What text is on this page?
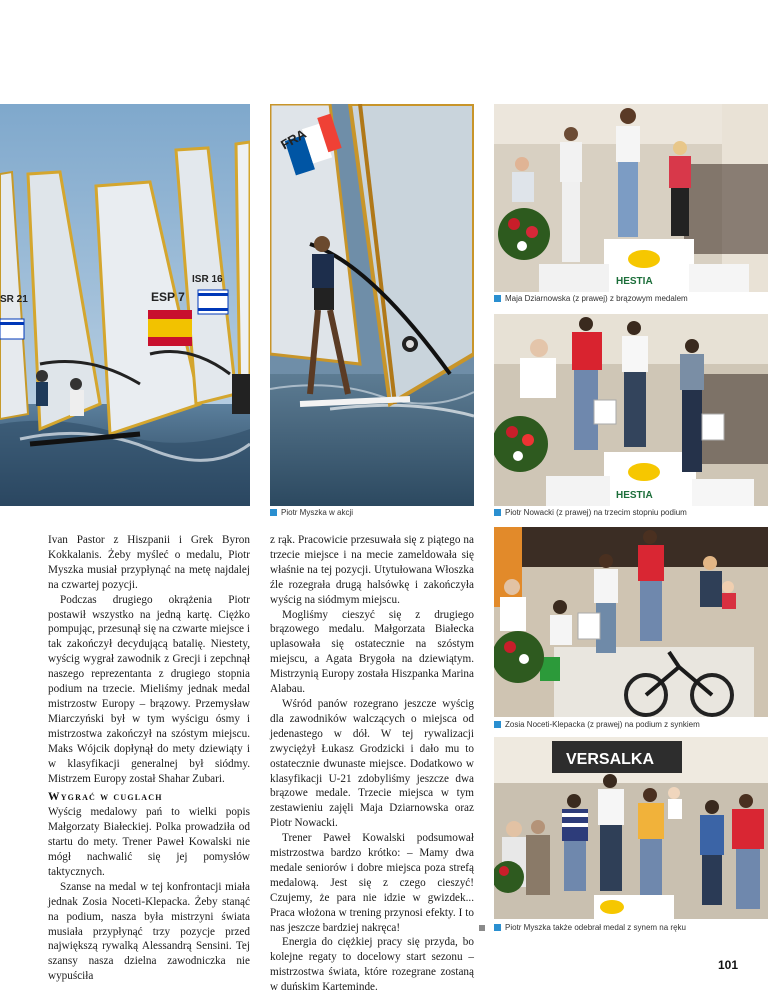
ESP 7
ISR 16
SR 21
FRA
Piotr Myszka w akcji
HESTIA
Maja Dziarnowska (z prawej) z brązowym medalem
HESTIA
Piotr Nowacki (z prawej) na trzecim stopniu podium
Zosia Noceti-Klepacka (z prawej) na podium z synkiem
VERSALKA
Piotr Myszka także odebrał medal z synem na ręku

Ivan Pastor z Hiszpanii i Grek Byron Kokkalanis. Żeby myśleć o medalu, Piotr Myszka musiał przypłynąć na metę najdalej na czwartej pozycji.

Podczas drugiego okrążenia Piotr postawił wszystko na jedną kartę. Ciężko pompując, przesunął się na czwarte miejsce i tak zakończył decydującą batalię. Niestety, wyścig wygrał zawodnik z Grecji i zepchnął naszego reprezentanta z drugiego stopnia podium na trzecie. Mieliśmy jednak medal mistrzostw Europy – brązowy. Przemysław Miarczyński był w tym wyścigu ósmy i mistrzostwa zakończył na szóstym miejscu. Maks Wójcik dopłynął do mety dziewiąty i w klasyfikacji generalnej był siódmy. Mistrzem Europy został Shahar Zubari.

Wygrać w cuglach

Wyścig medalowy pań to wielki popis Małgorzaty Białeckiej. Polka prowadziła od startu do mety. Trener Paweł Kowalski nie mógł nachwalić się jej pomysłów taktycznych.

Szanse na medal w tej konfrontacji miała jednak Zosia Noceti-Klepacka. Żeby stanąć na podium, nasza była mistrzyni świata musiała przypłynąć trzy pozycje przed największą rywalką Alessandrą Sensini. Tej szansy nasza dzielna zawodniczka nie wypuściła

z rąk. Pracowicie przesuwała się z piątego na trzecie miejsce i na mecie zameldowała się właśnie na tej pozycji. Utytułowana Włoszka źle rozegrała drugą halsówkę i zakończyła wyścig na siódmym miejscu.

Mogliśmy cieszyć się z drugiego brązowego medalu. Małgorzata Białecka uplasowała się ostatecznie na szóstym miejscu, a Agata Brygoła na dziewiątym. Mistrzynią Europy została Hiszpanka Marina Alabau.

Wśród panów rozegrano jeszcze wyścig dla zawodników walczących o miejsca od jedenastego w dół. W tej rywalizacji zwyciężył Łukasz Grodzicki i dało mu to ostatecznie dwunaste miejsce. Dodatkowo w klasyfikacji U-21 zdobyliśmy jeszcze dwa brązowe medale. Trzecie miejsca w tym zestawieniu zajęli Maja Dziarnowska oraz Piotr Nowacki.

Trener Paweł Kowalski podsumował mistrzostwa bardzo krótko: – Mamy dwa medale seniorów i dobre miejsca poza strefą medalową. Jest się z czego cieszyć! Czujemy, że para nie idzie w gwizdek... Praca włożona w trening przynosi efekty. I to nas jeszcze bardziej nakręca!

Energia do ciężkiej pracy się przyda, bo kolejne regaty to docelowy start sezonu – mistrzostwa świata, które rozegrane zostaną w duńskim Karteminde.

101
